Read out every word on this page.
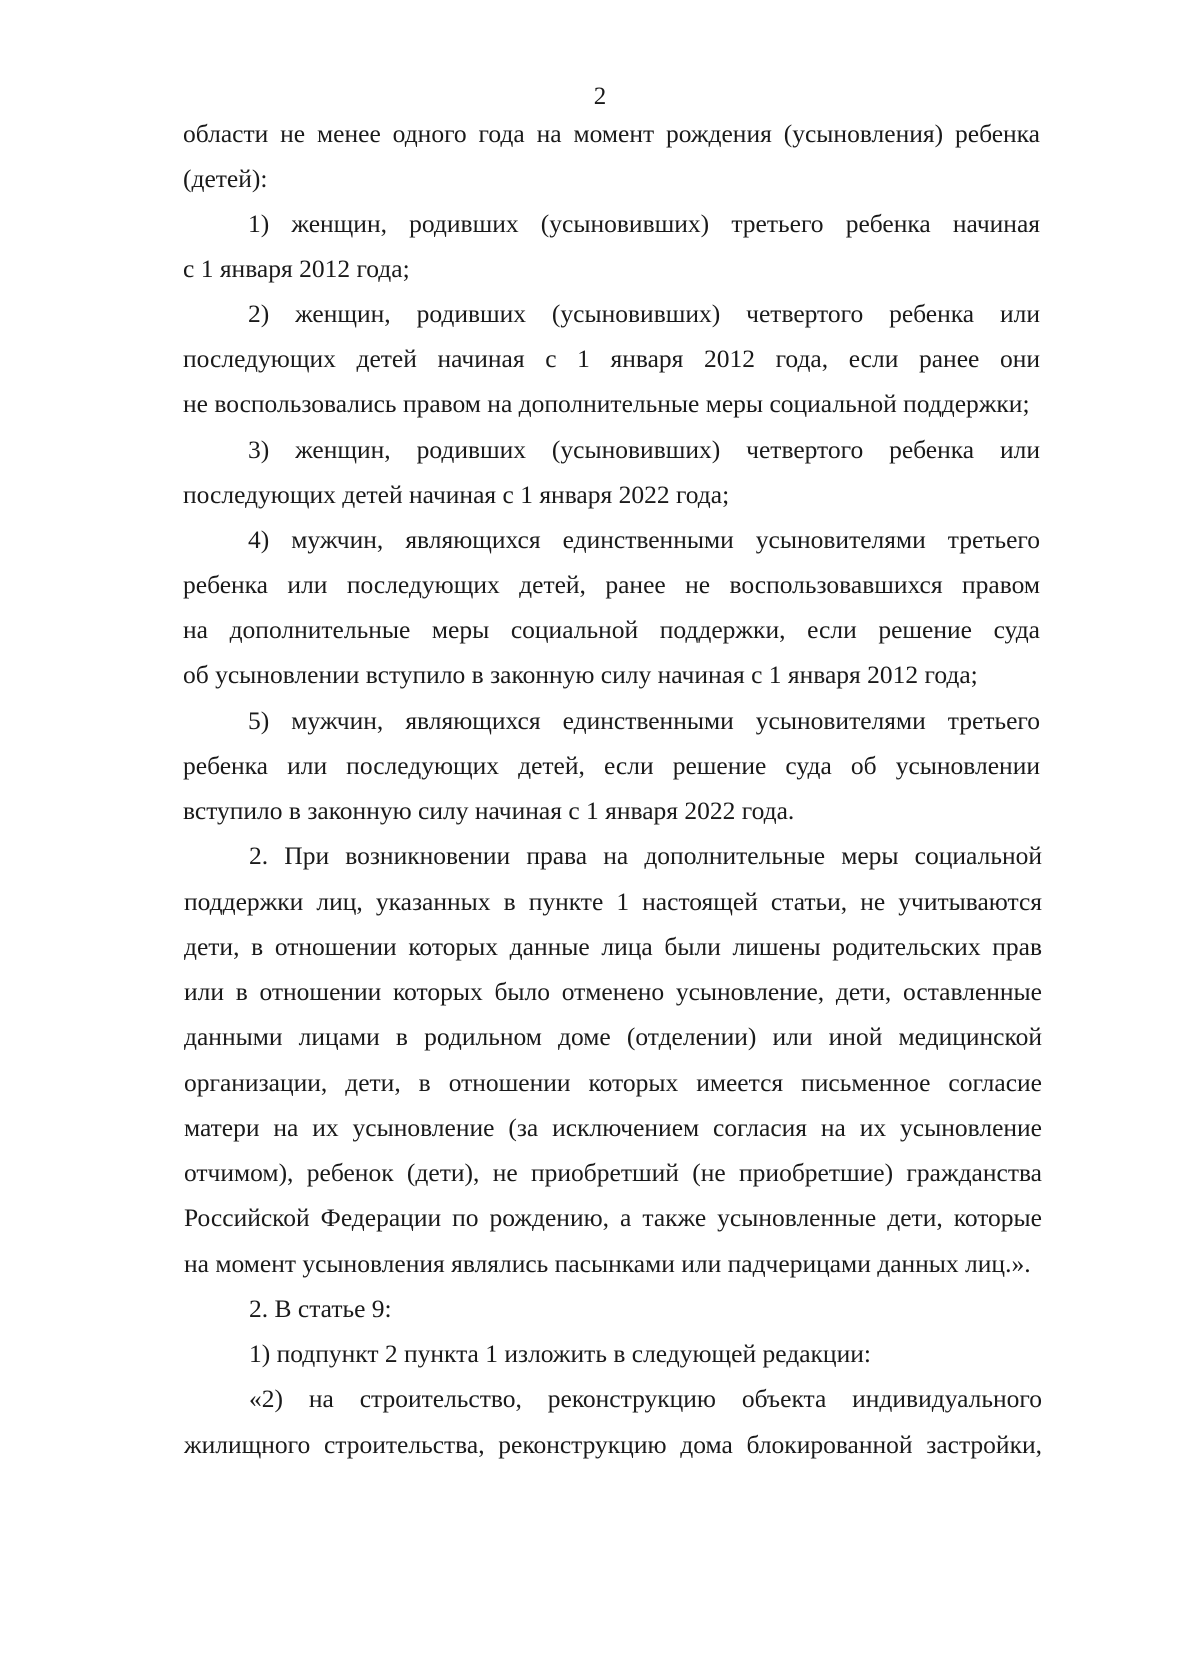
2
области не менее одного года на момент рождения (усыновления) ребенка
(детей):
1) женщин, родивших (усыновивших) третьего ребенка начиная
с 1 января 2012 года;
2) женщин, родивших (усыновивших) четвертого ребенка или
последующих детей начиная с 1 января 2012 года, если ранее они
не воспользовались правом на дополнительные меры социальной поддержки;
3) женщин, родивших (усыновивших) четвертого ребенка или
последующих детей начиная с 1 января 2022 года;
4) мужчин, являющихся единственными усыновителями третьего
ребенка или последующих детей, ранее не воспользовавшихся правом
на дополнительные меры социальной поддержки, если решение суда
об усыновлении вступило в законную силу начиная с 1 января 2012 года;
5) мужчин, являющихся единственными усыновителями третьего
ребенка или последующих детей, если решение суда об усыновлении
вступило в законную силу начиная с 1 января 2022 года.
2. При возникновении права на дополнительные меры социальной
поддержки лиц, указанных в пункте 1 настоящей статьи, не учитываются
дети, в отношении которых данные лица были лишены родительских прав
или в отношении которых было отменено усыновление, дети, оставленные
данными лицами в родильном доме (отделении) или иной медицинской
организации, дети, в отношении которых имеется письменное согласие
матери на их усыновление (за исключением согласия на их усыновление
отчимом), ребенок (дети), не приобретший (не приобретшие) гражданства
Российской Федерации по рождению, а также усыновленные дети, которые
на момент усыновления являлись пасынками или падчерицами данных лиц.».
2. В статье 9:
1) подпункт 2 пункта 1 изложить в следующей редакции:
«2) на строительство, реконструкцию объекта индивидуального
жилищного строительства, реконструкцию дома блокированной застройки,
